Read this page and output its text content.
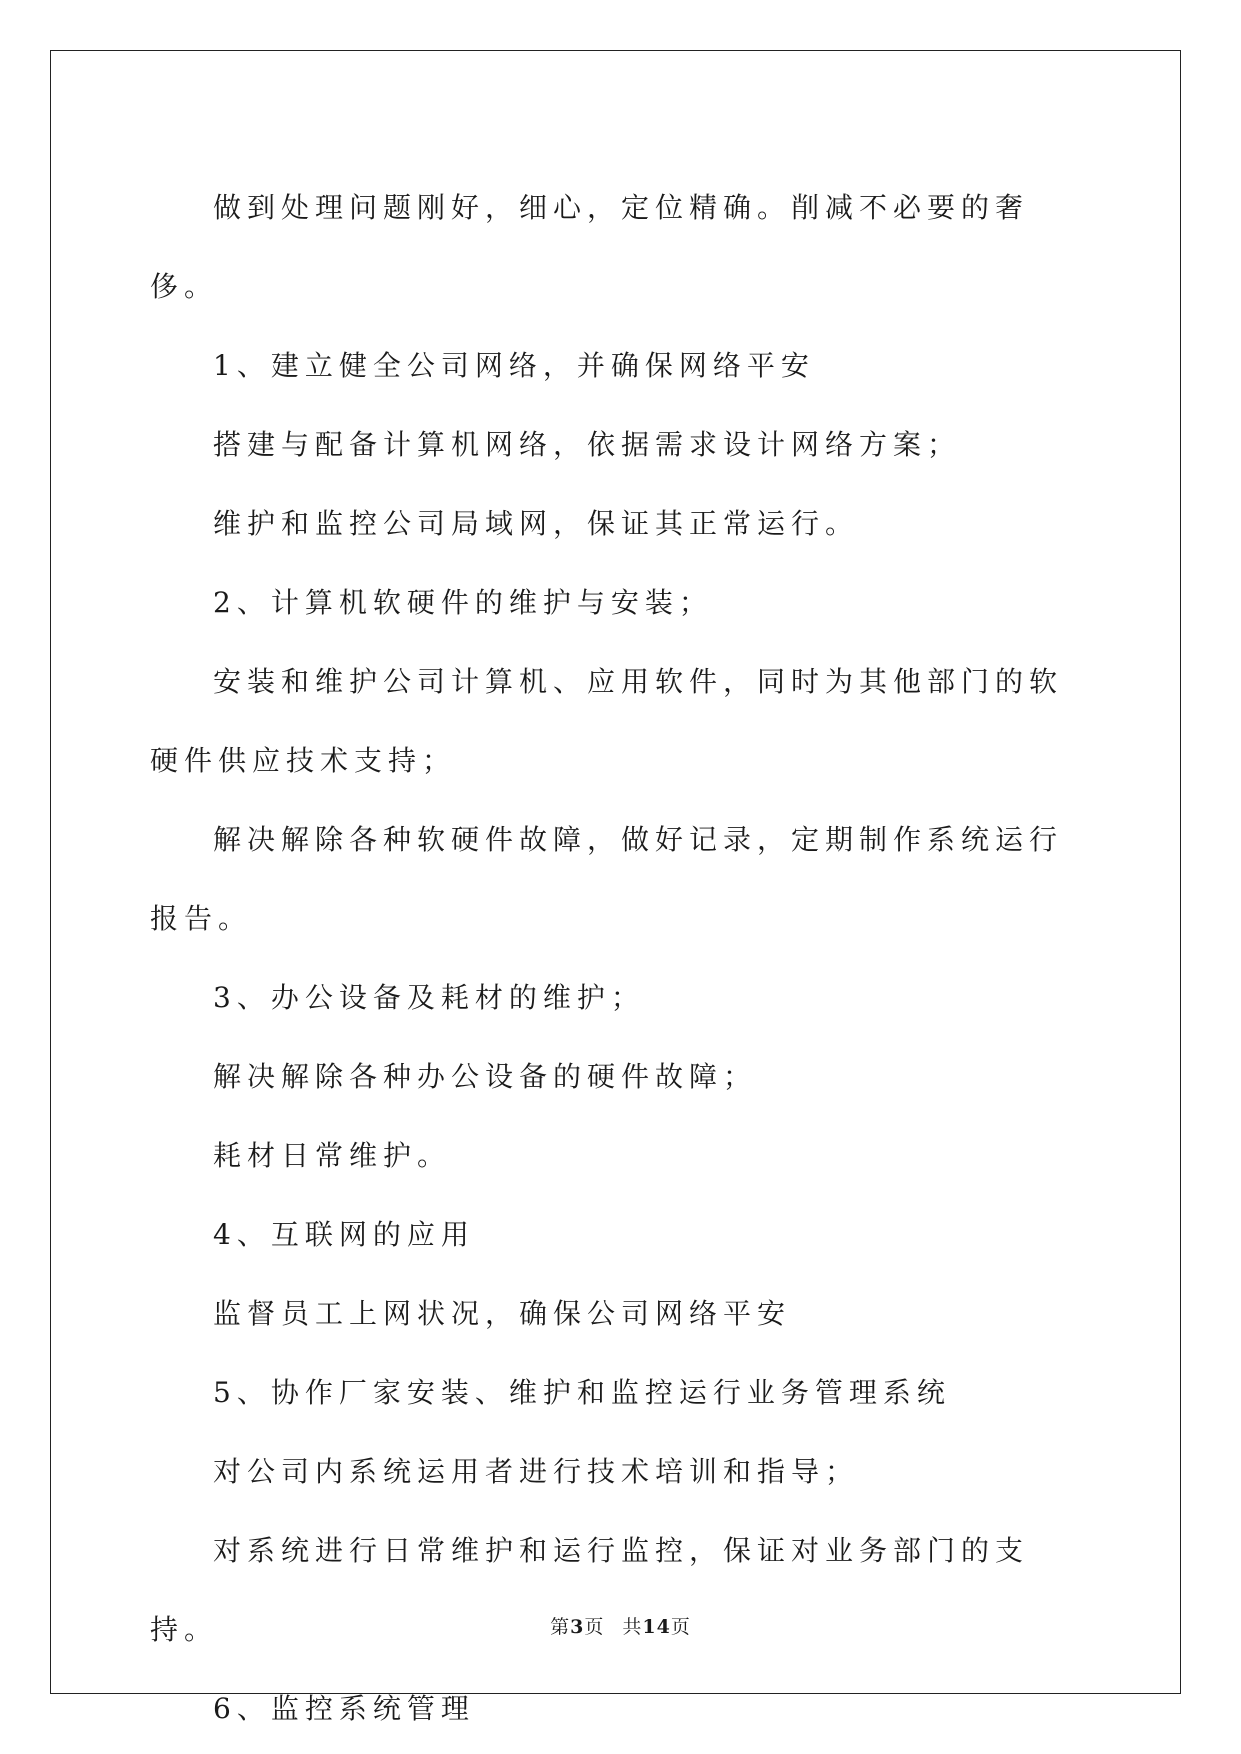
做到处理问题刚好，细心，定位精确。削减不必要的奢侈。

1、建立健全公司网络，并确保网络平安

搭建与配备计算机网络，依据需求设计网络方案；

维护和监控公司局域网，保证其正常运行。

2、计算机软硬件的维护与安装；

安装和维护公司计算机、应用软件，同时为其他部门的软硬件供应技术支持；

解决解除各种软硬件故障，做好记录，定期制作系统运行报告。

3、办公设备及耗材的维护；

解决解除各种办公设备的硬件故障；

耗材日常维护。

4、互联网的应用

监督员工上网状况，确保公司网络平安

5、协作厂家安装、维护和监控运行业务管理系统

对公司内系统运用者进行技术培训和指导；

对系统进行日常维护和运行监控，保证对业务部门的支持。

6、监控系统管理

第3页 共14页
